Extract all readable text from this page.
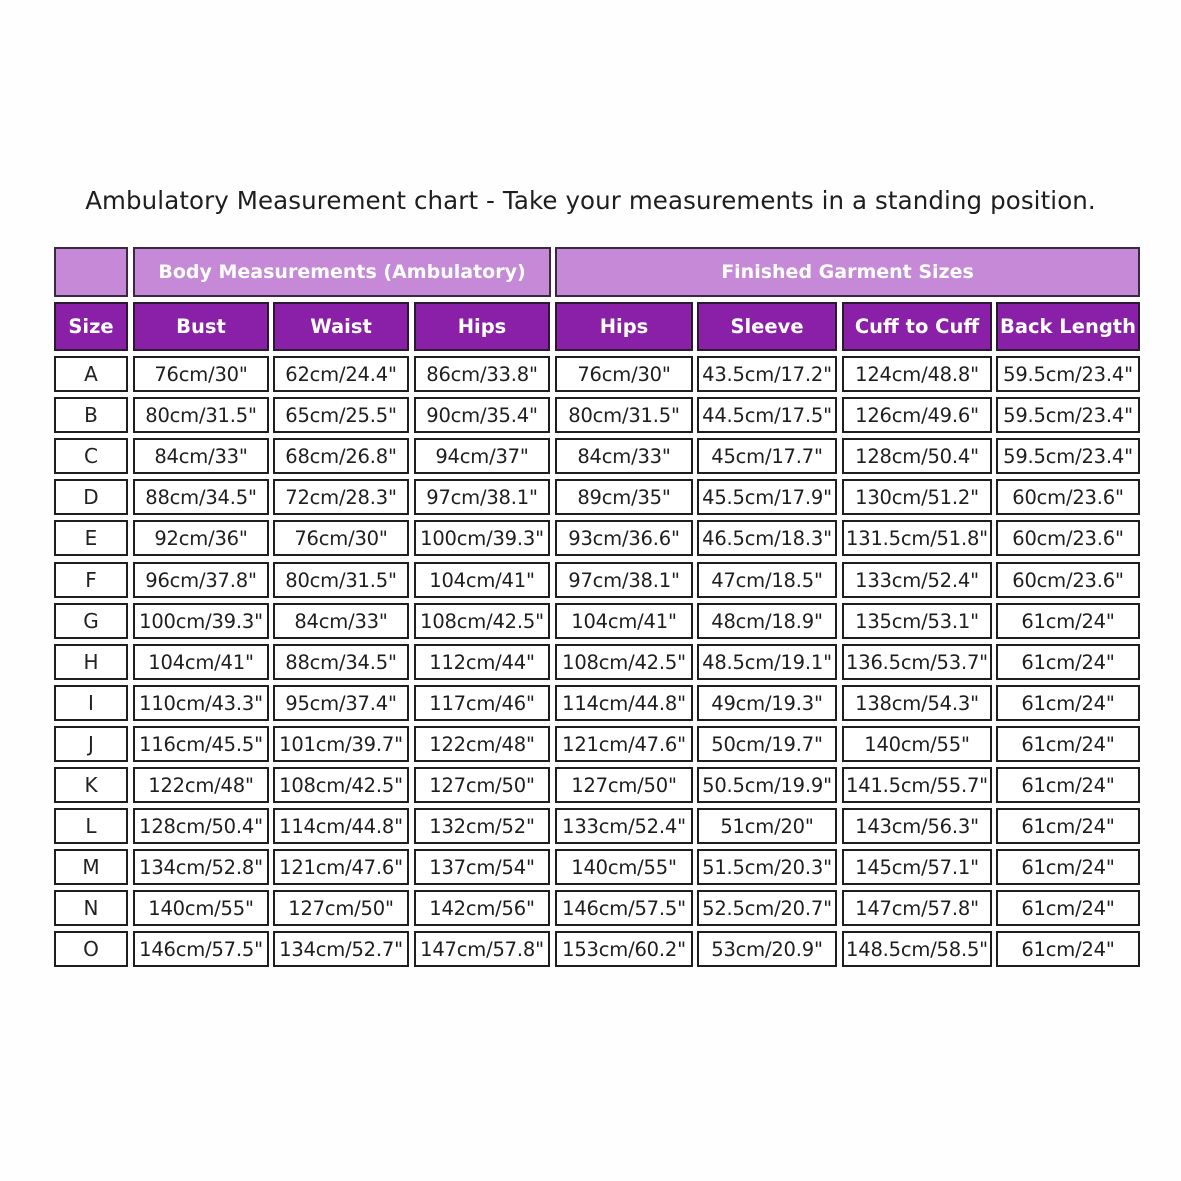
Ambulatory Measurement chart - Take your measurements in a standing position.
Body Measurements (Ambulatory)	Finished Garment Sizes
Size	Bust	Waist	Hips	Hips	Sleeve	Cuff to Cuff	Back Length
A	76cm/30"	62cm/24.4"	86cm/33.8"	76cm/30"	43.5cm/17.2"	124cm/48.8"	59.5cm/23.4"
B	80cm/31.5"	65cm/25.5"	90cm/35.4"	80cm/31.5"	44.5cm/17.5"	126cm/49.6"	59.5cm/23.4"
C	84cm/33"	68cm/26.8"	94cm/37"	84cm/33"	45cm/17.7"	128cm/50.4"	59.5cm/23.4"
D	88cm/34.5"	72cm/28.3"	97cm/38.1"	89cm/35"	45.5cm/17.9"	130cm/51.2"	60cm/23.6"
E	92cm/36"	76cm/30"	100cm/39.3"	93cm/36.6"	46.5cm/18.3" 131.5cm/51.8"	60cm/23.6"
F	96cm/37.8"	80cm/31.5"	104cm/41"	97cm/38.1"	47cm/18.5"	133cm/52.4"	60cm/23.6"
G	100cm/39.3"	84cm/33"	108cm/42.5"	104cm/41"	48cm/18.9"	135cm/53.1"	61cm/24"
H	104cm/41"	88cm/34.5"	112cm/44"	108cm/42.5" 48.5cm/19.1" 136.5cm/53.7"	61cm/24"
I	110cm/43.3"	95cm/37.4"	117cm/46"	114cm/44.8"	49cm/19.3"	138cm/54.3"	61cm/24"
J	116cm/45.5" 101cm/39.7"	122cm/48"	121cm/47.6"	50cm/19.7"	140cm/55"	61cm/24"
K	122cm/48"	108cm/42.5"	127cm/50"	127cm/50"	50.5cm/19.9" 141.5cm/55.7"	61cm/24"
L	128cm/50.4" 114cm/44.8"	132cm/52"	133cm/52.4"	51cm/20"	143cm/56.3"	61cm/24"
M	134cm/52.8" 121cm/47.6"	137cm/54"	140cm/55"	51.5cm/20.3"	145cm/57.1"	61cm/24"
N	140cm/55"	127cm/50"	142cm/56"	146cm/57.5" 52.5cm/20.7"	147cm/57.8"	61cm/24"
O	146cm/57.5" 134cm/52.7" 147cm/57.8" 153cm/60.2"	53cm/20.9"	148.5cm/58.5"	61cm/24"
